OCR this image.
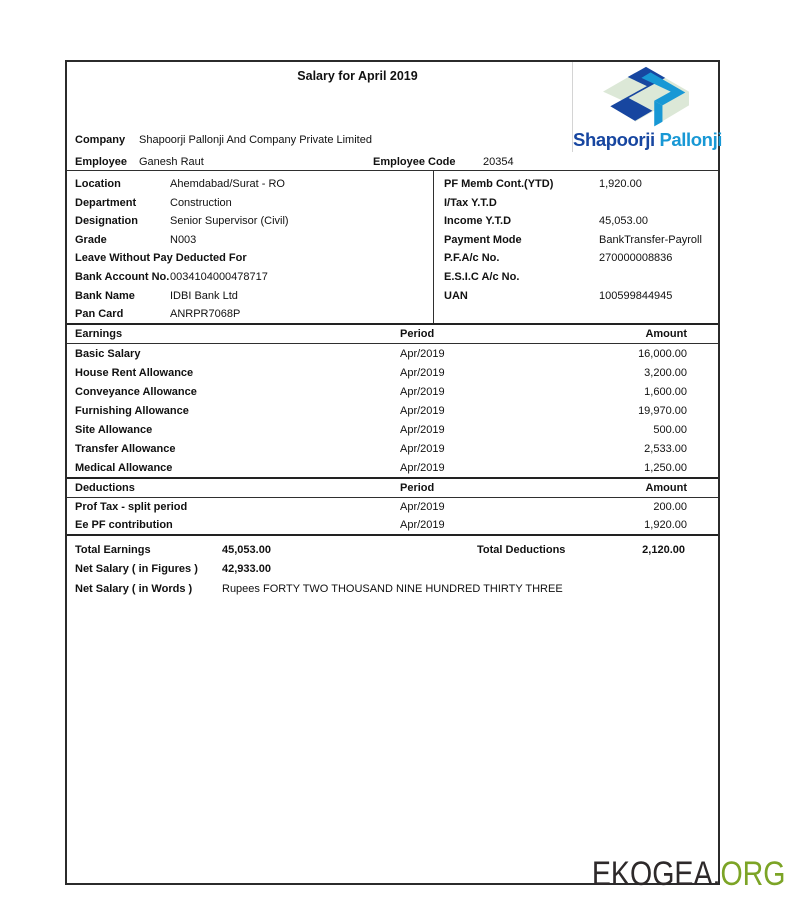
Salary for April 2019
Shapoorji Pallonji
Company Shapoorji Pallonji And Company Private Limited
Employee Ganesh Raut	Employee Code 20354
Location	Ahemdabad/Surat - RO
Department	Construction
Designation	Senior Supervisor (Civil)
Grade	N003
Leave Without Pay Deducted For
Bank Account No.0034104000478717
Bank Name	IDBI Bank Ltd
Pan Card	ANRPR7068P
PF Memb Cont.(YTD)	1,920.00
I/Tax Y.T.D
Income Y.T.D	45,053.00
Payment Mode	BankTransfer-Payroll
P.F.A/c No.	270000008836
E.S.I.C A/c No.
UAN	100599844945
Earnings	Period	Amount
Basic Salary	Apr/2019	16,000.00
House Rent Allowance	Apr/2019	3,200.00
Conveyance Allowance	Apr/2019	1,600.00
Furnishing Allowance	Apr/2019	19,970.00
Site Allowance	Apr/2019	500.00
Transfer Allowance	Apr/2019	2,533.00
Medical Allowance	Apr/2019	1,250.00
Deductions	Period	Amount
Prof Tax - split period	Apr/2019	200.00
Ee PF contribution	Apr/2019	1,920.00
Total Earnings	45,053.00	Total Deductions	2,120.00
Net Salary ( in Figures )	42,933.00
Net Salary ( in Words )	Rupees FORTY TWO THOUSAND NINE HUNDRED THIRTY THREE
EKOGEA.ORG
